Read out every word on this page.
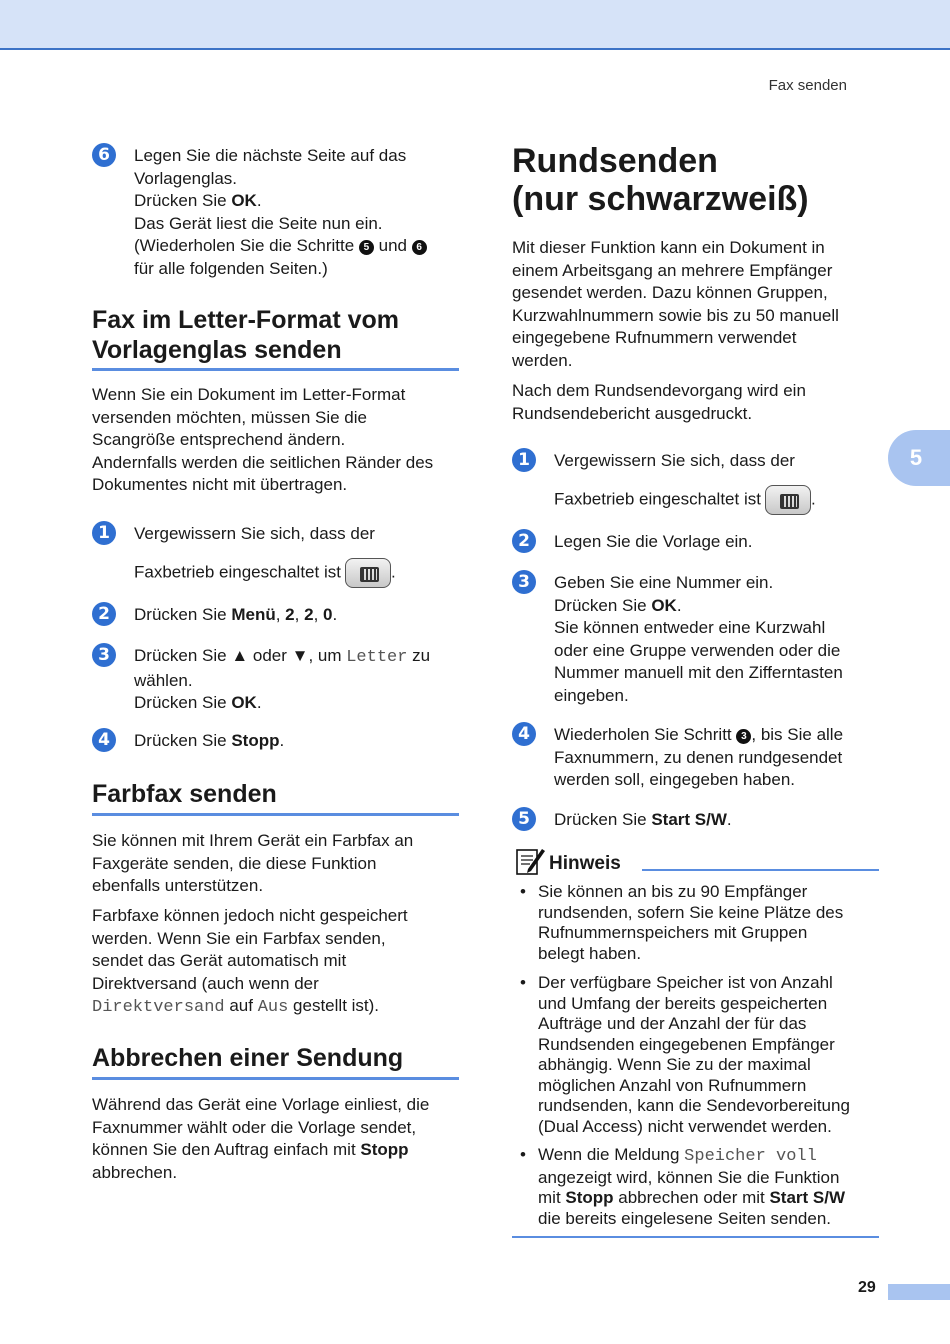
Fax senden
5
29
6	Legen Sie die nächste Seite auf das
Vorlagenglas.
Drücken Sie OK.
Das Gerät liest die Seite nun ein.
(Wiederholen Sie die Schritte 5 und 6
für alle folgenden Seiten.)
Fax im Letter-Format vom
Vorlagenglas senden
Wenn Sie ein Dokument im Letter-Format
versenden möchten, müssen Sie die
Scangröße entsprechend ändern.
Andernfalls werden die seitlichen Ränder des
Dokumentes nicht mit übertragen.
1	Vergewissern Sie sich, dass der
Faxbetrieb eingeschaltet ist	.
2	Drücken Sie Menü, 2, 2, 0.
3	Drücken Sie ▲ oder ▼, um Letter zu
wählen.
Drücken Sie OK.
4	Drücken Sie Stopp.
Farbfax senden
Sie können mit Ihrem Gerät ein Farbfax an
Faxgeräte senden, die diese Funktion
ebenfalls unterstützen.
Farbfaxe können jedoch nicht gespeichert
werden. Wenn Sie ein Farbfax senden,
sendet das Gerät automatisch mit
Direktversand (auch wenn der
Direktversand auf Aus gestellt ist).
Abbrechen einer Sendung
Während das Gerät eine Vorlage einliest, die
Faxnummer wählt oder die Vorlage sendet,
können Sie den Auftrag einfach mit Stopp
abbrechen.
Rundsenden
(nur schwarzweiß)
Mit dieser Funktion kann ein Dokument in
einem Arbeitsgang an mehrere Empfänger
gesendet werden. Dazu können Gruppen,
Kurzwahlnummern sowie bis zu 50 manuell
eingegebene Rufnummern verwendet
werden.
Nach dem Rundsendevorgang wird ein
Rundsendebericht ausgedruckt.
1	Vergewissern Sie sich, dass der
Faxbetrieb eingeschaltet ist	.
2	Legen Sie die Vorlage ein.
3	Geben Sie eine Nummer ein.
Drücken Sie OK.
Sie können entweder eine Kurzwahl
oder eine Gruppe verwenden oder die
Nummer manuell mit den Zifferntasten
eingeben.
4	Wiederholen Sie Schritt 3 , bis Sie alle
Faxnummern, zu denen rundgesendet
werden soll, eingegeben haben.
5	Drücken Sie Start S/W.
Hinweis
• Sie können an bis zu 90 Empfänger
rundsenden, sofern Sie keine Plätze des
Rufnummernspeichers mit Gruppen
belegt haben.
• Der verfügbare Speicher ist von Anzahl
und Umfang der bereits gespeicherten
Aufträge und der Anzahl der für das
Rundsenden eingegebenen Empfänger
abhängig. Wenn Sie zu der maximal
möglichen Anzahl von Rufnummern
rundsenden, kann die Sendevorbereitung
(Dual Access) nicht verwendet werden.
• Wenn die Meldung Speicher voll
angezeigt wird, können Sie die Funktion
mit Stopp abbrechen oder mit Start S/W
die bereits eingelesene Seiten senden.
